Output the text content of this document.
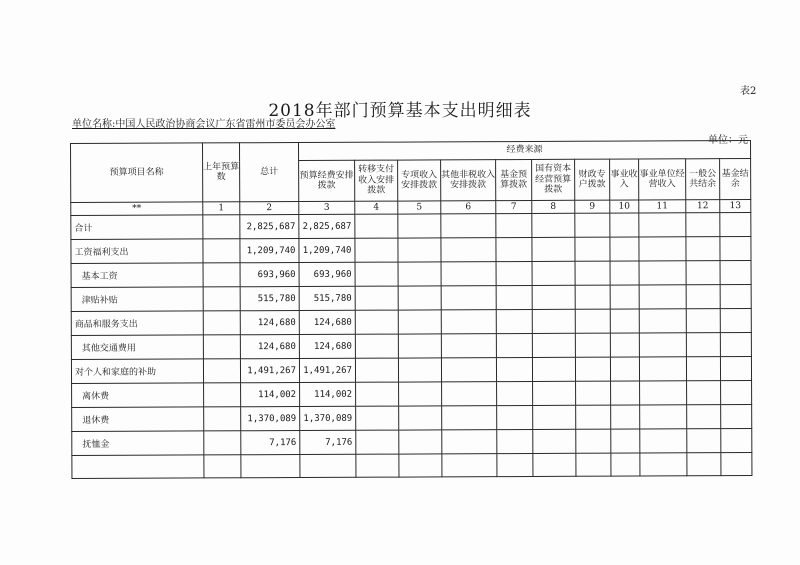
表2
2018年部门预算基本支出明细表
单位名称:中国人民政治协商会议广东省雷州市委员会办公室
单位：元
预算项目名称	上年预算数	总计	经费来源										
			预算经费安排拨款	转移支付收入安排拨款	专项收入安排拨款	其他非税收入安排拨款	基金预算拨款	国有资本经营预算拨款	财政专户拨款	事业收入	事业单位经营收入	一般公共结余	基金结余
**	1	2	3	4	5	6	7	8	9	10	11	12	13
合计		2,825,687	2,825,687										
工资福利支出		1,209,740	1,209,740										
基本工资		693,960	693,960										
津贴补贴		515,780	515,780										
商品和服务支出		124,680	124,680										
其他交通费用		124,680	124,680										
对个人和家庭的补助		1,491,267	1,491,267										
离休费		114,002	114,002										
退休费		1,370,089	1,370,089										
抚恤金		7,176	7,176										
